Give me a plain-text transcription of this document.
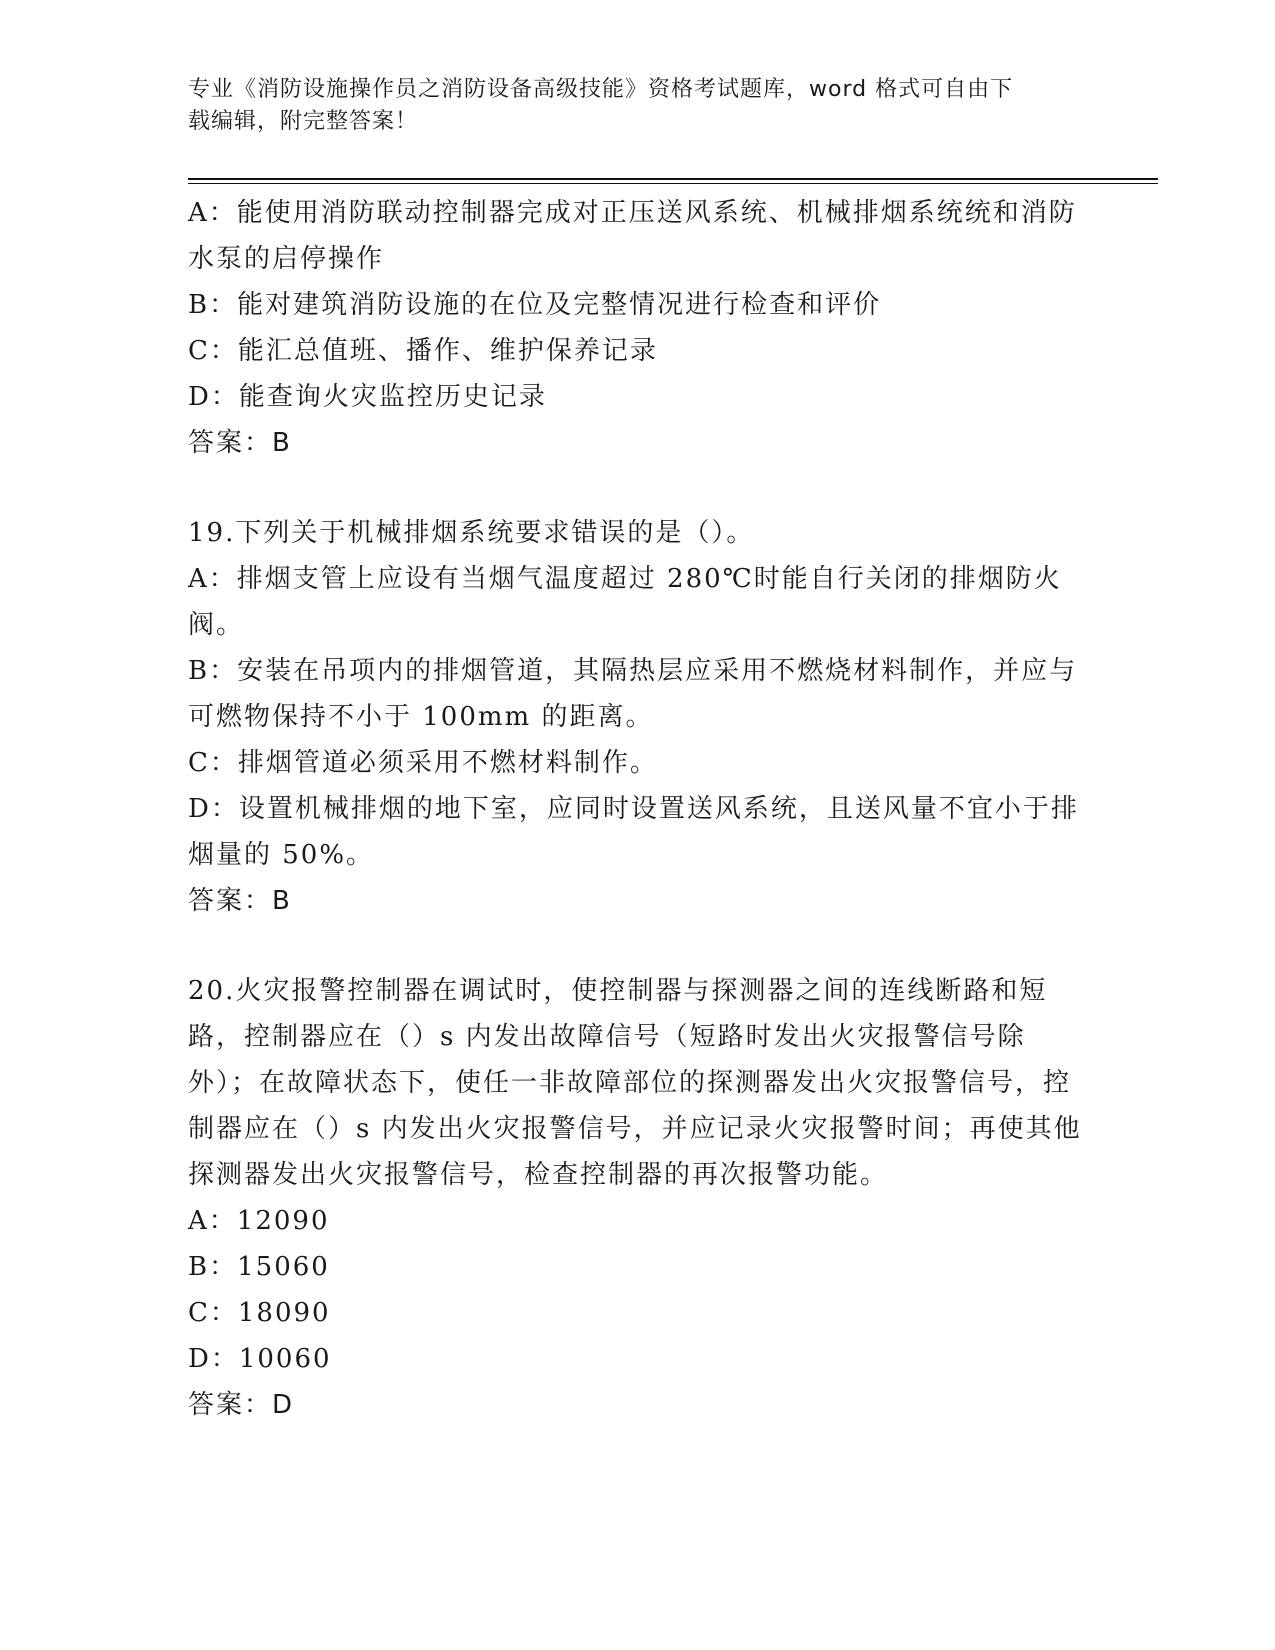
专业《消防设施操作员之消防设备高级技能》资格考试题库，word 格式可自由下
载编辑，附完整答案！

A：能使用消防联动控制器完成对正压送风系统、机械排烟系统统和消防水泵的启停操作

B：能对建筑消防设施的在位及完整情况进行检查和评价

C：能汇总值班、播作、维护保养记录

D：能查询火灾监控历史记录

答案：B

19.下列关于机械排烟系统要求错误的是（）。

A：排烟支管上应设有当烟气温度超过 280℃时能自行关闭的排烟防火阀。

B：安装在吊项内的排烟管道，其隔热层应采用不燃烧材料制作，并应与可燃物保持不小于 100mm 的距离。

C：排烟管道必须采用不燃材料制作。

D：设置机械排烟的地下室，应同时设置送风系统，且送风量不宜小于排烟量的 50%。

答案：B

20.火灾报警控制器在调试时，使控制器与探测器之间的连线断路和短路，控制器应在（）s 内发出故障信号（短路时发出火灾报警信号除外）；在故障状态下，使任一非故障部位的探测器发出火灾报警信号，控制器应在（）s 内发出火灾报警信号，并应记录火灾报警时间；再使其他探测器发出火灾报警信号，检查控制器的再次报警功能。

A：12090

B：15060

C：18090

D：10060

答案：D
